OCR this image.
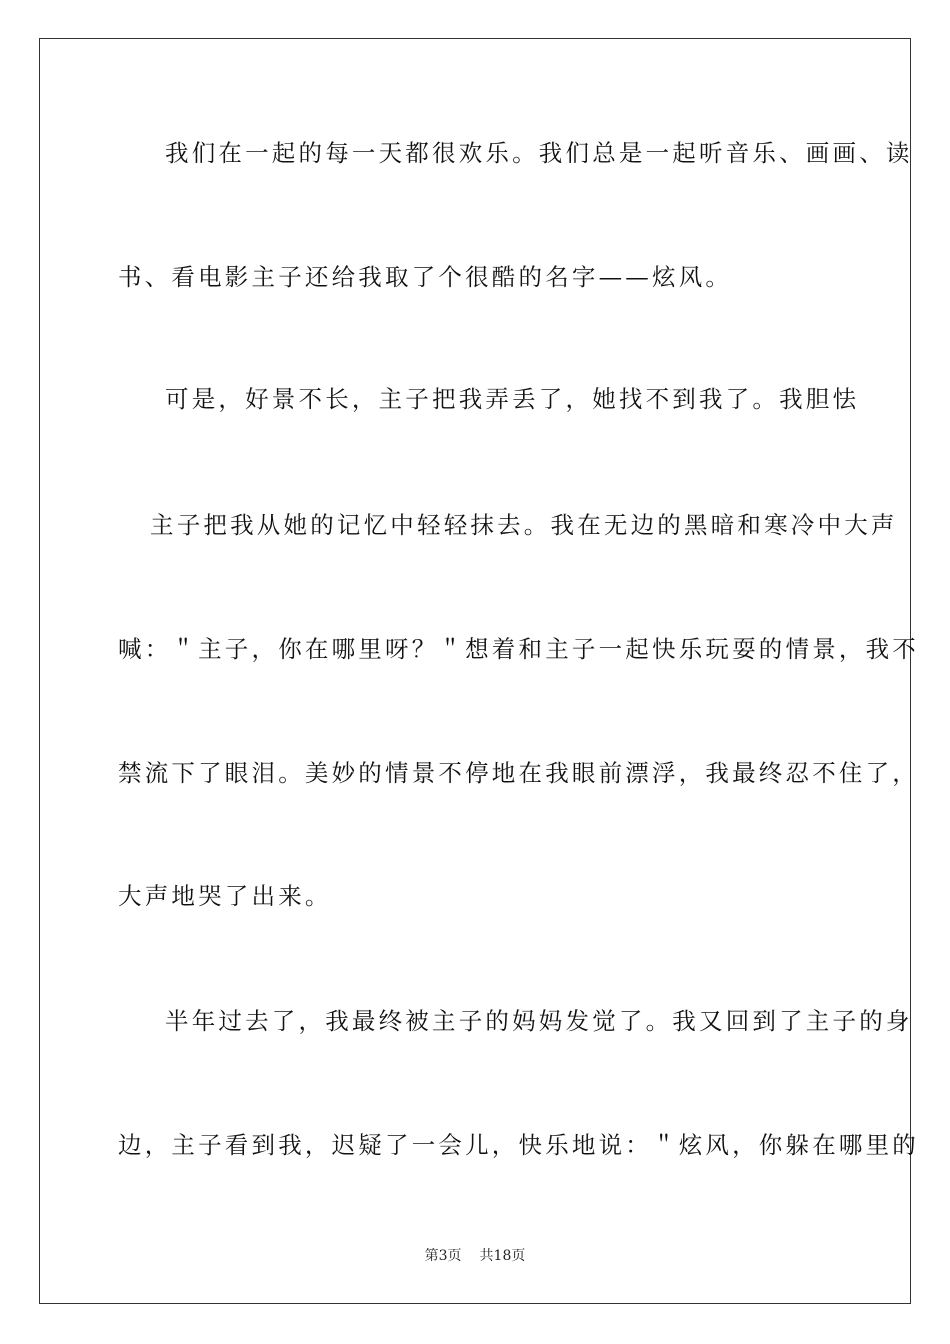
我们在一起的每一天都很欢乐。我们总是一起听音乐、画画、读
书、看电影主子还给我取了个很酷的名字——炫风。
可是，好景不长，主子把我弄丢了，她找不到我了。我胆怯
主子把我从她的记忆中轻轻抹去。我在无边的黑暗和寒冷中大声
喊：＂主子，你在哪里呀？＂想着和主子一起快乐玩耍的情景，我不
禁流下了眼泪。美妙的情景不停地在我眼前漂浮，我最终忍不住了，
大声地哭了出来。
半年过去了，我最终被主子的妈妈发觉了。我又回到了主子的身
边，主子看到我，迟疑了一会儿，快乐地说：＂炫风，你躲在哪里的
第3页 共18页
